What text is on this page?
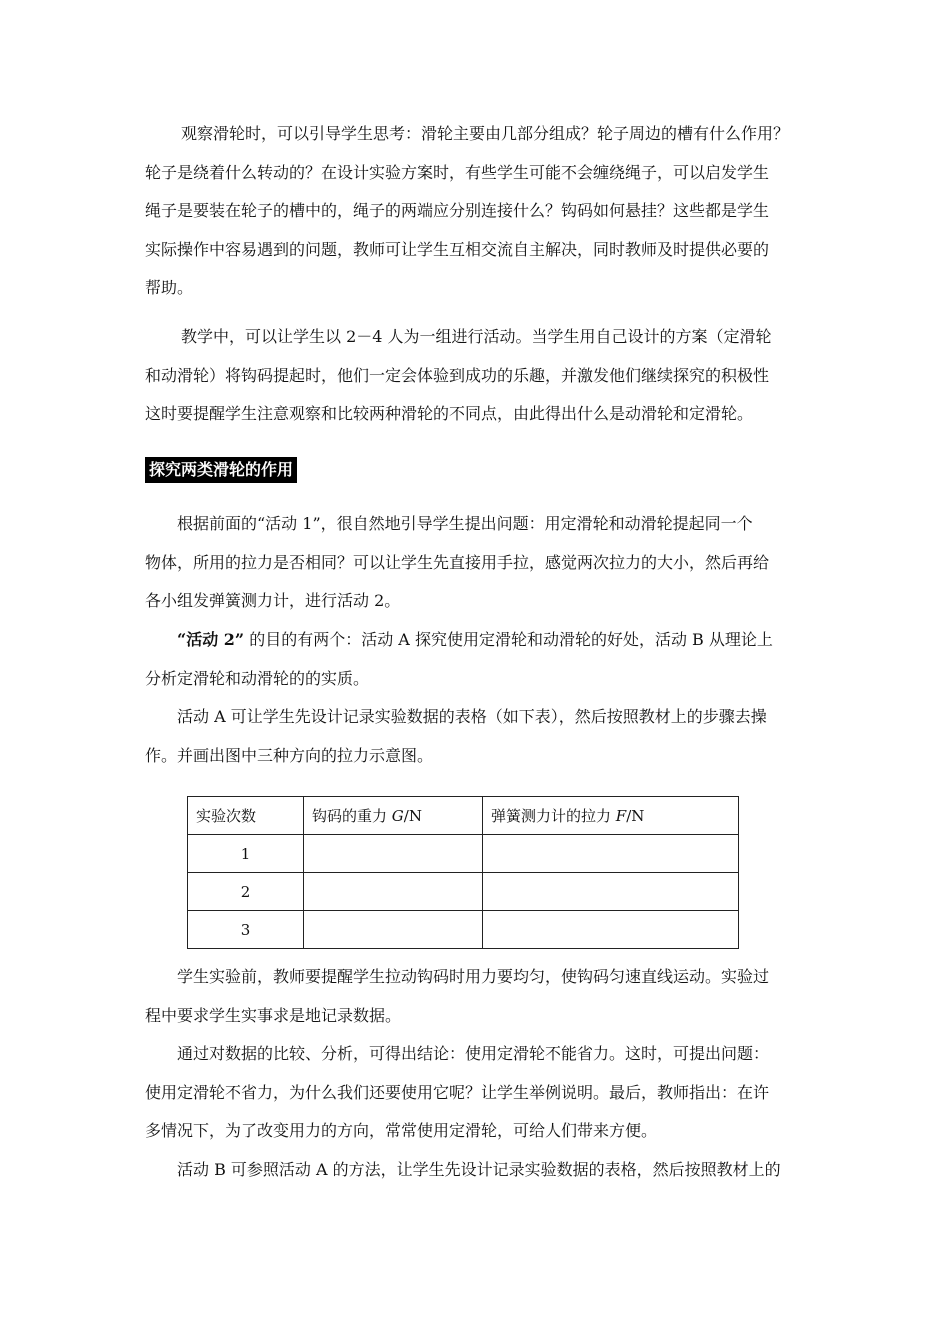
观察滑轮时，可以引导学生思考：滑轮主要由几部分组成？轮子周边的槽有什么作用？
轮子是绕着什么转动的？在设计实验方案时，有些学生可能不会缠绕绳子，可以启发学生
绳子是要装在轮子的槽中的，绳子的两端应分别连接什么？钩码如何悬挂？这些都是学生
实际操作中容易遇到的问题，教师可让学生互相交流自主解决，同时教师及时提供必要的
帮助。
教学中，可以让学生以 2－4 人为一组进行活动。当学生用自己设计的方案（定滑轮
和动滑轮）将钩码提起时，他们一定会体验到成功的乐趣，并激发他们继续探究的积极性
这时要提醒学生注意观察和比较两种滑轮的不同点，由此得出什么是动滑轮和定滑轮。
探究两类滑轮的作用
根据前面的“活动 1”，很自然地引导学生提出问题：用定滑轮和动滑轮提起同一个
物体，所用的拉力是否相同？可以让学生先直接用手拉，感觉两次拉力的大小，然后再给
各小组发弹簧测力计，进行活动 2。
“活动 2” 的目的有两个：活动 A 探究使用定滑轮和动滑轮的好处，活动 B 从理论上
分析定滑轮和动滑轮的的实质。
活动 A 可让学生先设计记录实验数据的表格（如下表），然后按照教材上的步骤去操
作。并画出图中三种方向的拉力示意图。
实验次数	钩码的重力 G/N	弹簧测力计的拉力 F/N
1		
2		
3		
学生实验前，教师要提醒学生拉动钩码时用力要均匀，使钩码匀速直线运动。实验过
程中要求学生实事求是地记录数据。
通过对数据的比较、分析，可得出结论：使用定滑轮不能省力。这时，可提出问题：
使用定滑轮不省力，为什么我们还要使用它呢？让学生举例说明。最后，教师指出：在许
多情况下，为了改变用力的方向，常常使用定滑轮，可给人们带来方便。
活动 B 可参照活动 A 的方法，让学生先设计记录实验数据的表格，然后按照教材上的
